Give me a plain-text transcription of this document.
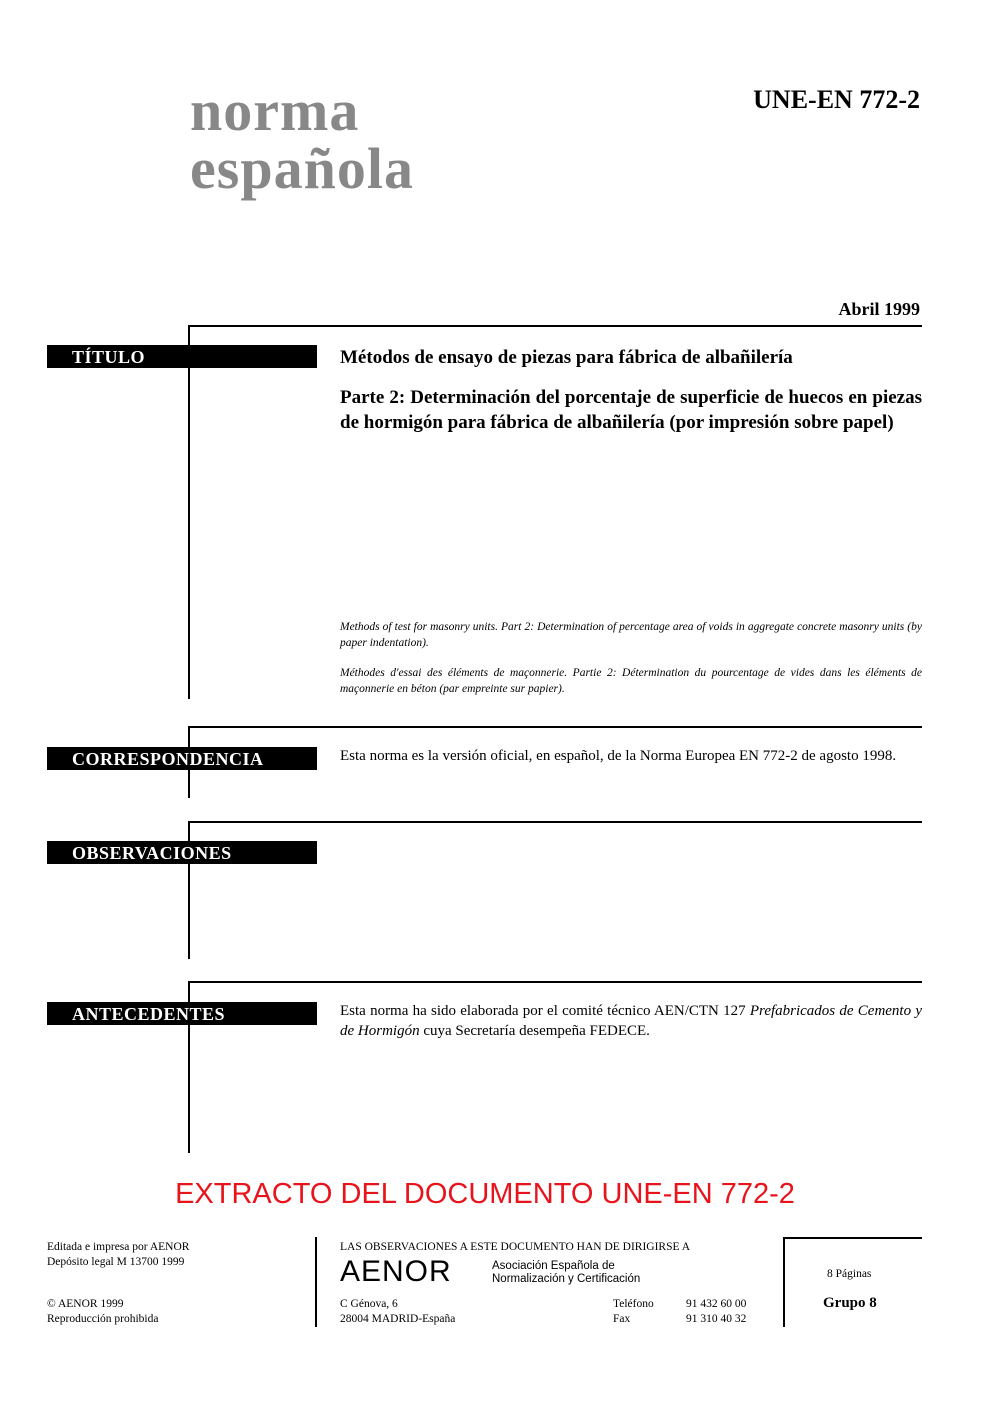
norma
española
UNE-EN 772-2
Abril 1999
TÍTULO	Métodos de ensayo de piezas para fábrica de albañilería
Parte 2: Determinación del porcentaje de superficie de huecos en piezas de hormigón para fábrica de albañilería (por impresión sobre papel)
Methods of test for masonry units. Part 2: Determination of percentage area of voids in aggregate concrete masonry units (by paper indentation).
Méthodes d'essai des éléments de maçonnerie. Partie 2: Détermination du pourcentage de vides dans les éléments de maçonnerie en béton (par empreinte sur papier).
CORRESPONDENCIA	Esta norma es la versión oficial, en español, de la Norma Europea EN 772-2 de agosto 1998.
OBSERVACIONES
ANTECEDENTES	Esta norma ha sido elaborada por el comité técnico AEN/CTN 127 Prefabricados de Cemento y de Hormigón cuya Secretaría desempeña FEDECE.
EXTRACTO DEL DOCUMENTO UNE-EN 772-2
Editada e impresa por AENOR
Depósito legal M 13700 1999
© AENOR 1999
Reproducción prohibida
LAS OBSERVACIONES A ESTE DOCUMENTO HAN DE DIRIGIRSE A
AENOR	Asociación Española de
Normalización y Certificación
C Génova, 6
28004 MADRID-España
Teléfono	91 432 60 00
Fax	91 310 40 32
8 Páginas
Grupo 8
